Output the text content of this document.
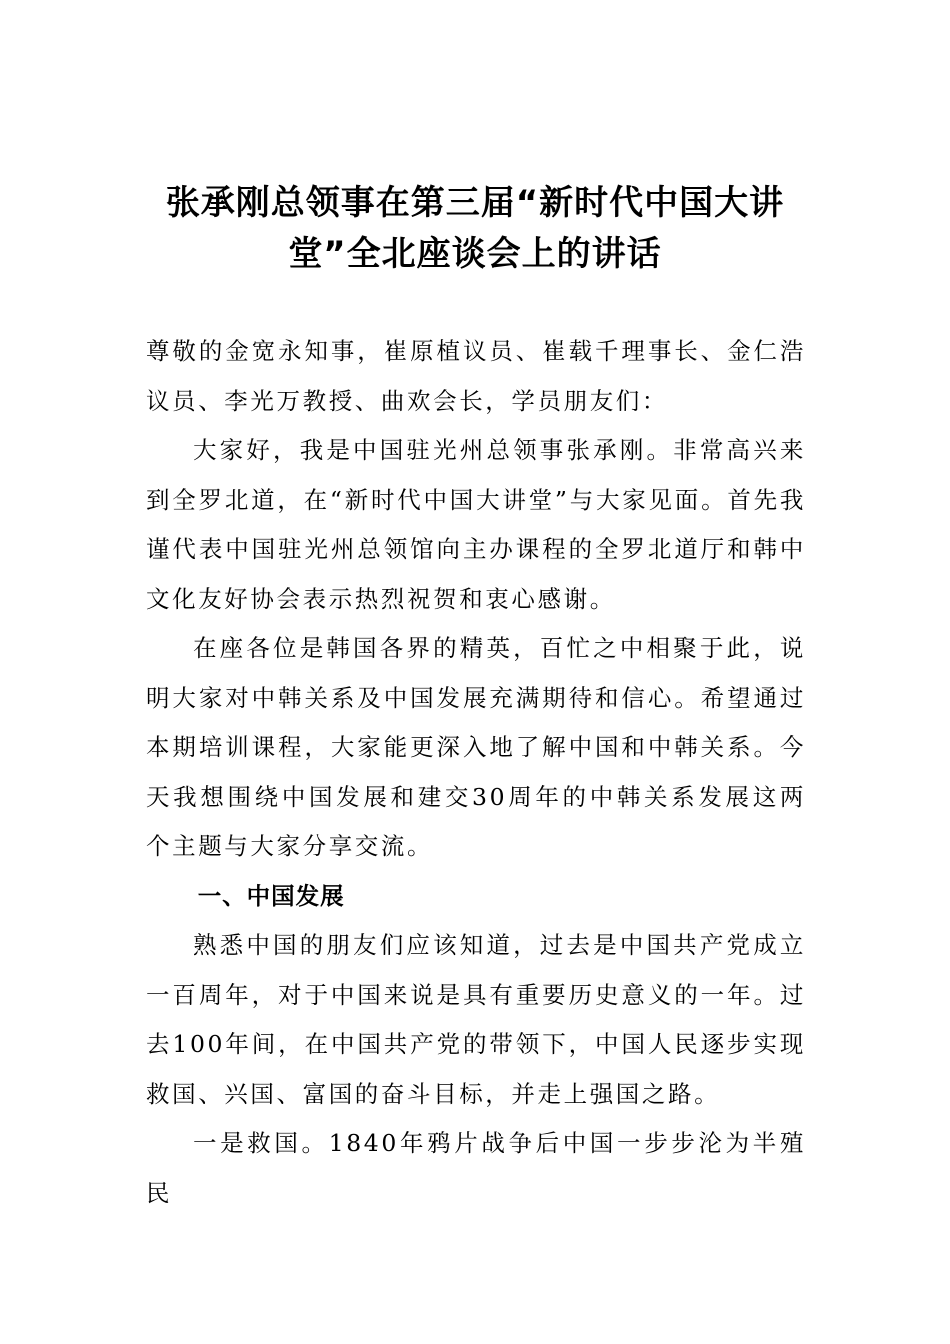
张承刚总领事在第三届“新时代中国大讲堂”全北座谈会上的讲话

尊敬的金宽永知事，崔原植议员、崔载千理事长、金仁浩议员、李光万教授、曲欢会长，学员朋友们：

大家好，我是中国驻光州总领事张承刚。非常高兴来到全罗北道，在“新时代中国大讲堂”与大家见面。首先我谨代表中国驻光州总领馆向主办课程的全罗北道厅和韩中文化友好协会表示热烈祝贺和衷心感谢。

在座各位是韩国各界的精英，百忙之中相聚于此，说明大家对中韩关系及中国发展充满期待和信心。希望通过本期培训课程，大家能更深入地了解中国和中韩关系。今天我想围绕中国发展和建交30周年的中韩关系发展这两个主题与大家分享交流。

一、中国发展

熟悉中国的朋友们应该知道，过去是中国共产党成立一百周年，对于中国来说是具有重要历史意义的一年。过去100年间，在中国共产党的带领下，中国人民逐步实现救国、兴国、富国的奋斗目标，并走上强国之路。

一是救国。1840年鸦片战争后中国一步步沦为半殖民
